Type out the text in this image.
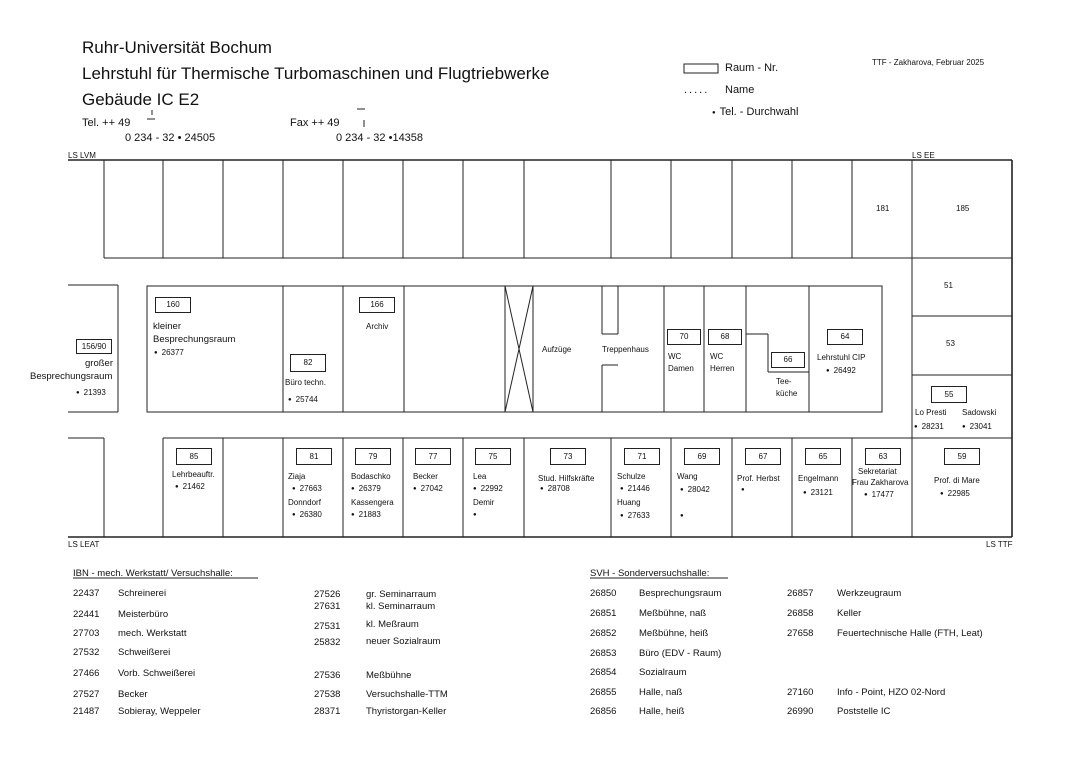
Ruhr-Universität Bochum
Lehrstuhl für Thermische Turbomaschinen und Flugtriebwerke
Gebäude IC E2
Tel. ++ 49
0 234 - 32 • 24505
Fax ++ 49
0 234 - 32 •14358
TTF - Zakharova, Februar 2025
Raum - Nr.
..... Name
● Tel. - Durchwahl
LS LVM	LS EE
LS LEAT	LS TTF
181	185
156/90
großer
Besprechungsraum
● 21393
160
kleiner
Besprechungsraum
● 26377
82
Büro techn.
● 25744
166
Archiv
Aufzüge	Treppenhaus
70
WC
Damen
68
WC
Herren
66
Tee-
küche
64
Lehrstuhl CIP
● 26492
51
53
55
Lo Presti Sadowski
● 28231
●	23041
85
Lehrbeauftr.
● 21462
81
Ziaja
● 27663
Donndorf
● 26380
79
Bodaschko
● 26379
Kassengera
● 21883
77
Becker
● 27042
75
Lea
● 22992
Demir
●
73
Stud. Hilfskräfte
● 28708
71
Schulze
● 21446
Huang
● 27633
69
Wang
● 28042
●
67
Prof. Herbst
●
65
Engelmann
● 23121
63
Sekretariat
Frau Zakharova
● 17477
59
Prof. di Mare
● 22985
IBN - mech. Werkstatt/ Versuchshalle:	SVH - Sonderversuchshalle:
22437 Schreinerei
22441 Meisterbüro
27703 mech. Werkstatt
27532 Schweißerei
27466 Vorb. Schweißerei
27527 Becker
21487 Sobieray, Weppeler
27526	gr. Seminarraum
27631	kl. Seminarraum
27531	kl. Meßraum
25832	neuer Sozialraum
27536	Meßbühne
27538	Versuchshalle-TTM
28371	Thyristorgan-Keller
26850 Besprechungsraum
26851 Meßbühne, naß
26852 Meßbühne, heiß
26853 Büro (EDV - Raum)
26854 Sozialraum
26855 Halle, naß
26856 Halle, heiß
26857 Werkzeugraum
26858 Keller
27658 Feuertechnische Halle (FTH, Leat)
27160 Info - Point, HZO 02-Nord
26990 Poststelle IC
